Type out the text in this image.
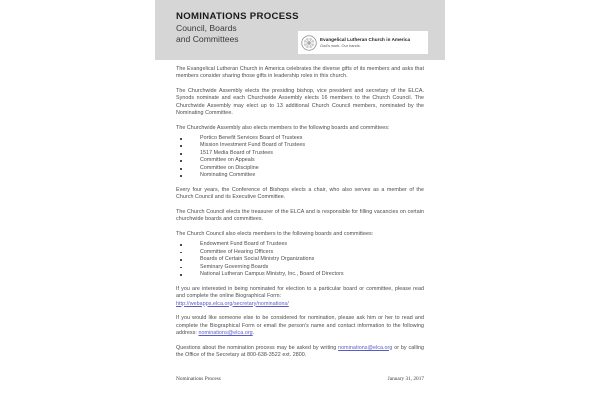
NOMINATIONS PROCESS
Council, Boards
and Committees	Evangelical Lutheran Church in America
God's work. Our hands.

The Evangelical Lutheran Church in America celebrates the diverse gifts of its members and asks that members consider sharing those gifts in leadership roles in this church.

The Churchwide Assembly elects the presiding bishop, vice president and secretary of the ELCA. Synods nominate and each Churchwide Assembly elects 16 members to the Church Council. The Churchwide Assembly may elect up to 13 additional Church Council members, nominated by the Nominating Committee.

The Churchwide Assembly also elects members to the following boards and committees:

Portico Benefit Services Board of Trustees
Mission Investment Fund Board of Trustees
1517 Media Board of Trustees
Committee on Appeals
Committee on Discipline
Nominating Committee

Every four years, the Conference of Bishops elects a chair, who also serves as a member of the Church Council and its Executive Committee.

The Church Council elects the treasurer of the ELCA and is responsible for filling vacancies on certain churchwide boards and committees.

The Church Council also elects members to the following boards and committees:

Endowment Fund Board of Trustees
Committee of Hearing Officers
Boards of Certain Social Ministry Organizations
Seminary Governing Boards
National Lutheran Campus Ministry, Inc., Board of Directors

If you are interested in being nominated for election to a particular board or committee, please read and complete the online Biographical Form:
http://webapps.elca.org/secretary/nominations/

If you would like someone else to be considered for nomination, please ask him or her to read and complete the Biographical Form or email the person's name and contact information to the following address: nominations@elca.org.

Questions about the nomination process may be asked by writing nominations@elca.org or by calling the Office of the Secretary at 800-638-3522 ext. 2800.

Nominations Process	January 31, 2017
